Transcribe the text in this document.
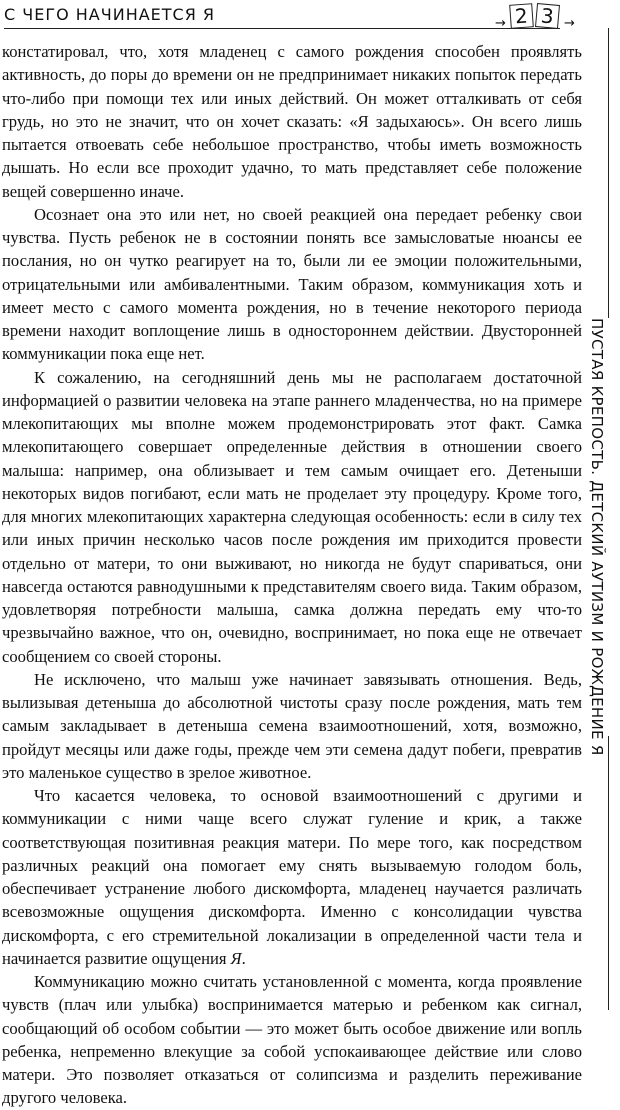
С ЧЕГО НАЧИНАЕТСЯ Я	→ 2 3 →
ПУСТАЯ КРЕПОСТЬ. ДЕТСКИЙ АУТИЗМ И РОЖДЕНИЕ Я

констатировал, что, хотя младенец с самого рождения способен проявлять активность, до поры до времени он не предпринимает никаких попыток передать что-либо при помощи тех или иных действий. Он может отталкивать от себя грудь, но это не значит, что он хочет сказать: «Я задыхаюсь». Он всего лишь пытается отвоевать себе небольшое пространство, чтобы иметь возможность дышать. Но если все проходит удачно, то мать представляет себе положение вещей совершенно иначе.

Осознает она это или нет, но своей реакцией она передает ребенку свои чувства. Пусть ребенок не в состоянии понять все замысловатые нюансы ее послания, но он чутко реагирует на то, были ли ее эмоции положительными, отрицательными или амбивалентными. Таким образом, коммуникация хоть и имеет место с самого момента рождения, но в течение некоторого периода времени находит воплощение лишь в одностороннем действии. Двусторонней коммуникации пока еще нет.

К сожалению, на сегодняшний день мы не располагаем достаточной информацией о развитии человека на этапе раннего младенчества, но на примере млекопитающих мы вполне можем продемонстрировать этот факт. Самка млекопитающего совершает определенные действия в отношении своего малыша: например, она облизывает и тем самым очищает его. Детеныши некоторых видов погибают, если мать не проделает эту процедуру. Кроме того, для многих млекопитающих характерна следующая особенность: если в силу тех или иных причин несколько часов после рождения им приходится провести отдельно от матери, то они выживают, но никогда не будут спариваться, они навсегда остаются равнодушными к представителям своего вида. Таким образом, удовлетворяя потребности малыша, самка должна передать ему что-то чрезвычайно важное, что он, очевидно, воспринимает, но пока еще не отвечает сообщением со своей стороны.

Не исключено, что малыш уже начинает завязывать отношения. Ведь, вылизывая детеныша до абсолютной чистоты сразу после рождения, мать тем самым закладывает в детеныша семена взаимоотношений, хотя, возможно, пройдут месяцы или даже годы, прежде чем эти семена дадут побеги, превратив это маленькое существо в зрелое животное.

Что касается человека, то основой взаимоотношений с другими и коммуникации с ними чаще всего служат гуление и крик, а также соответствующая позитивная реакция матери. По мере того, как посредством различных реакций она помогает ему снять вызываемую голодом боль, обеспечивает устранение любого дискомфорта, младенец научается различать всевозможные ощущения дискомфорта. Именно с консолидации чувства дискомфорта, с его стремительной локализации в определенной части тела и начинается развитие ощущения Я.

Коммуникацию можно считать установленной с момента, когда проявление чувств (плач или улыбка) воспринимается матерью и ребенком как сигнал, сообщающий об особом событии — это может быть особое движение или вопль ребенка, непременно влекущие за собой успокаивающее действие или слово матери. Это позволяет отказаться от солипсизма и разделить переживание другого человека.
